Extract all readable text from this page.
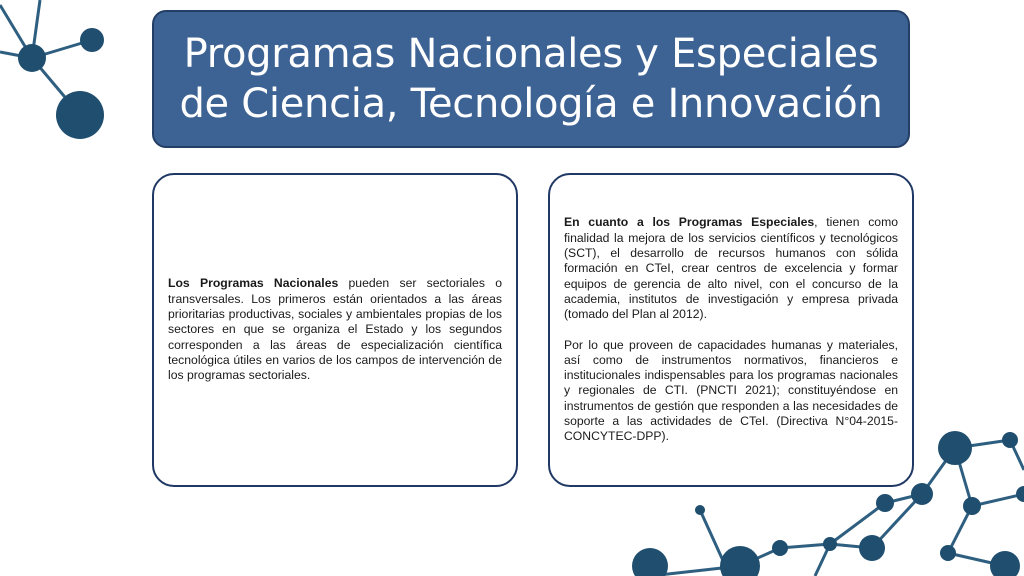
Programas Nacionales y Especiales de Ciencia, Tecnología e Innovación

Los Programas Nacionales pueden ser sectoriales o transversales. Los primeros están orientados a las áreas prioritarias productivas, sociales y ambientales propias de los sectores en que se organiza el Estado y los segundos corresponden a las áreas de especialización científica tecnológica útiles en varios de los campos de intervención de los programas sectoriales.

En cuanto a los Programas Especiales, tienen como finalidad la mejora de los servicios científicos y tecnológicos (SCT), el desarrollo de recursos humanos con sólida formación en CTeI, crear centros de excelencia y formar equipos de gerencia de alto nivel, con el concurso de la academia, institutos de investigación y empresa privada (tomado del Plan al 2012).

Por lo que proveen de capacidades humanas y materiales, así como de instrumentos normativos, financieros e institucionales indispensables para los programas nacionales y regionales de CTI. (PNCTI 2021); constituyéndose en instrumentos de gestión que responden a las necesidades de soporte a las actividades de CTeI. (Directiva N°04-2015-CONCYTEC-DPP).
